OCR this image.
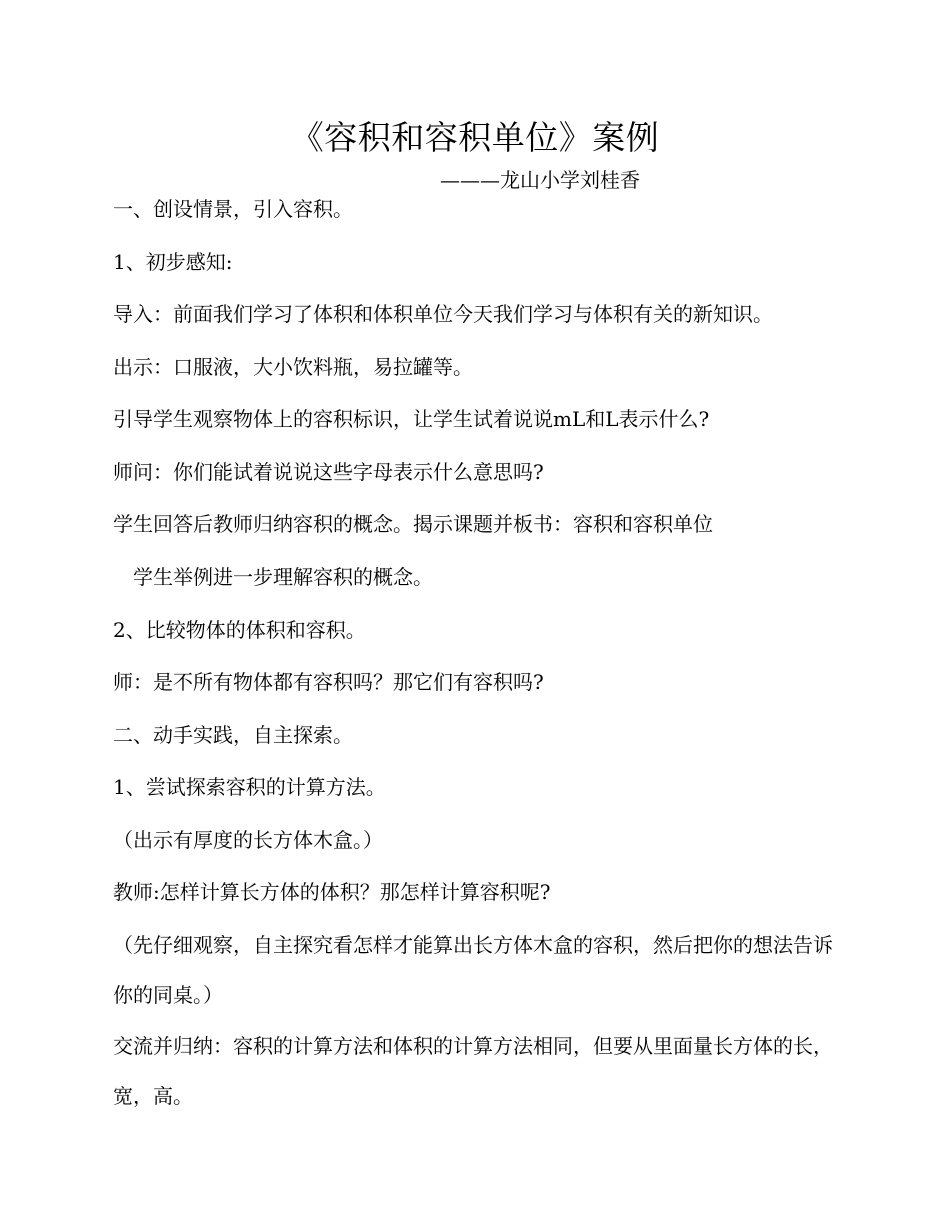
《容积和容积单位》案例
———龙山小学刘桂香
一、创设情景，引入容积。
1、初步感知:
导入：前面我们学习了体积和体积单位今天我们学习与体积有关的新知识。
出示：口服液，大小饮料瓶，易拉罐等。
引导学生观察物体上的容积标识，让学生试着说说mL和L表示什么?
师问：你们能试着说说这些字母表示什么意思吗?
学生回答后教师归纳容积的概念。揭示课题并板书：容积和容积单位
　学生举例进一步理解容积的概念。
2、比较物体的体积和容积。
师：是不所有物体都有容积吗？那它们有容积吗?
二、动手实践，自主探索。
1、尝试探索容积的计算方法。
（出示有厚度的长方体木盒。）
教师:怎样计算长方体的体积？那怎样计算容积呢?
（先仔细观察，自主探究看怎样才能算出长方体木盒的容积，然后把你的想法告诉你的同桌。）
交流并归纳：容积的计算方法和体积的计算方法相同，但要从里面量长方体的长，宽，高。
